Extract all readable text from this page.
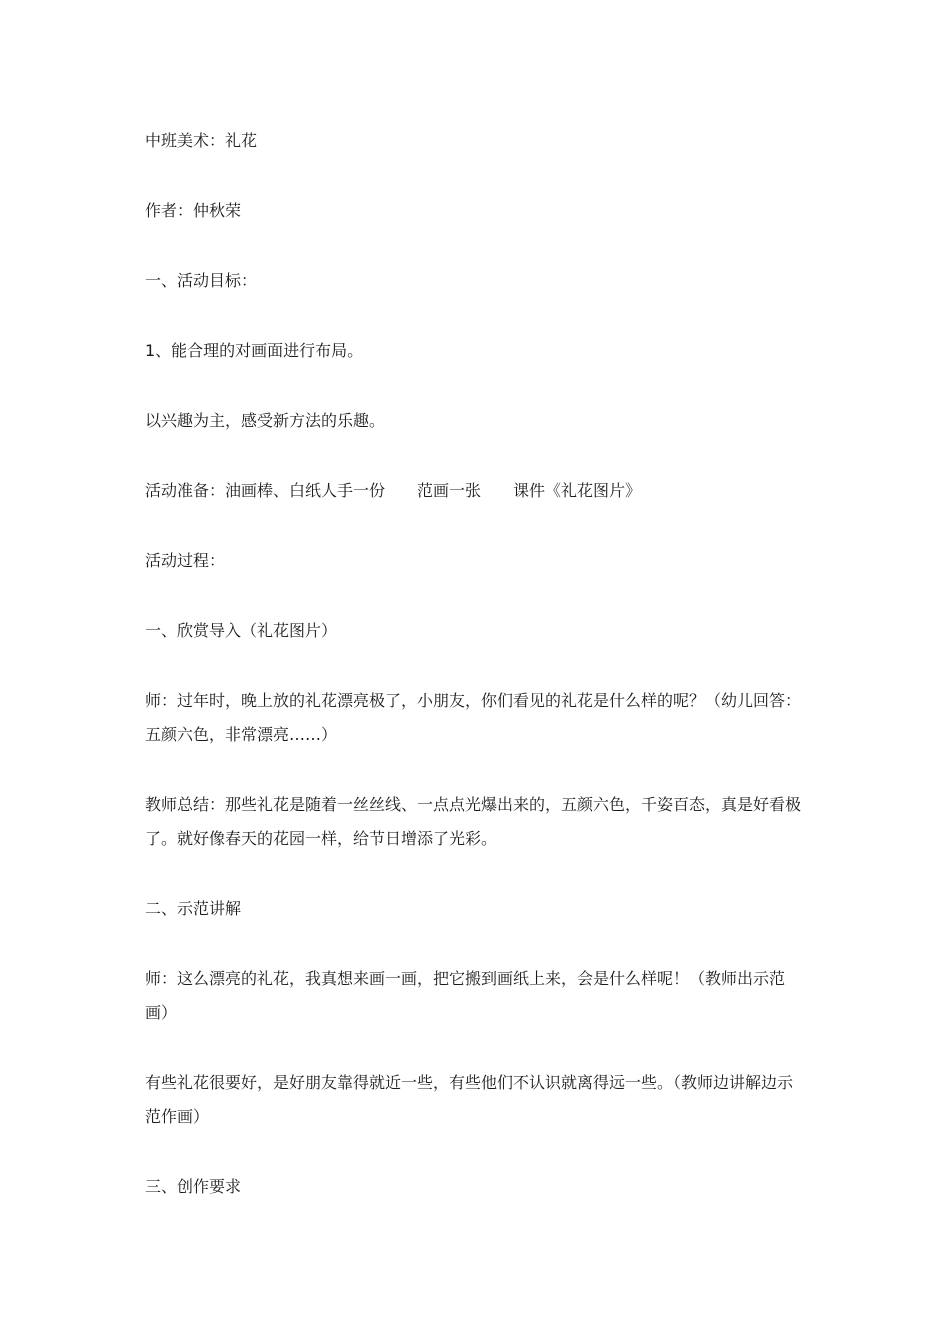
中班美术：礼花

作者：仲秋荣

一、活动目标：

1、能合理的对画面进行布局。

以兴趣为主，感受新方法的乐趣。

活动准备：油画棒、白纸人手一份 范画一张 课件《礼花图片》

活动过程：

一、欣赏导入（礼花图片）

师：过年时，晚上放的礼花漂亮极了，小朋友，你们看见的礼花是什么样的呢？（幼儿回答：五颜六色，非常漂亮……）

教师总结：那些礼花是随着一丝丝线、一点点光爆出来的，五颜六色，千姿百态，真是好看极了。就好像春天的花园一样，给节日增添了光彩。

二、示范讲解

师：这么漂亮的礼花，我真想来画一画，把它搬到画纸上来，会是什么样呢！（教师出示范画）

有些礼花很要好，是好朋友靠得就近一些，有些他们不认识就离得远一些。（教师边讲解边示范作画）

三、创作要求
